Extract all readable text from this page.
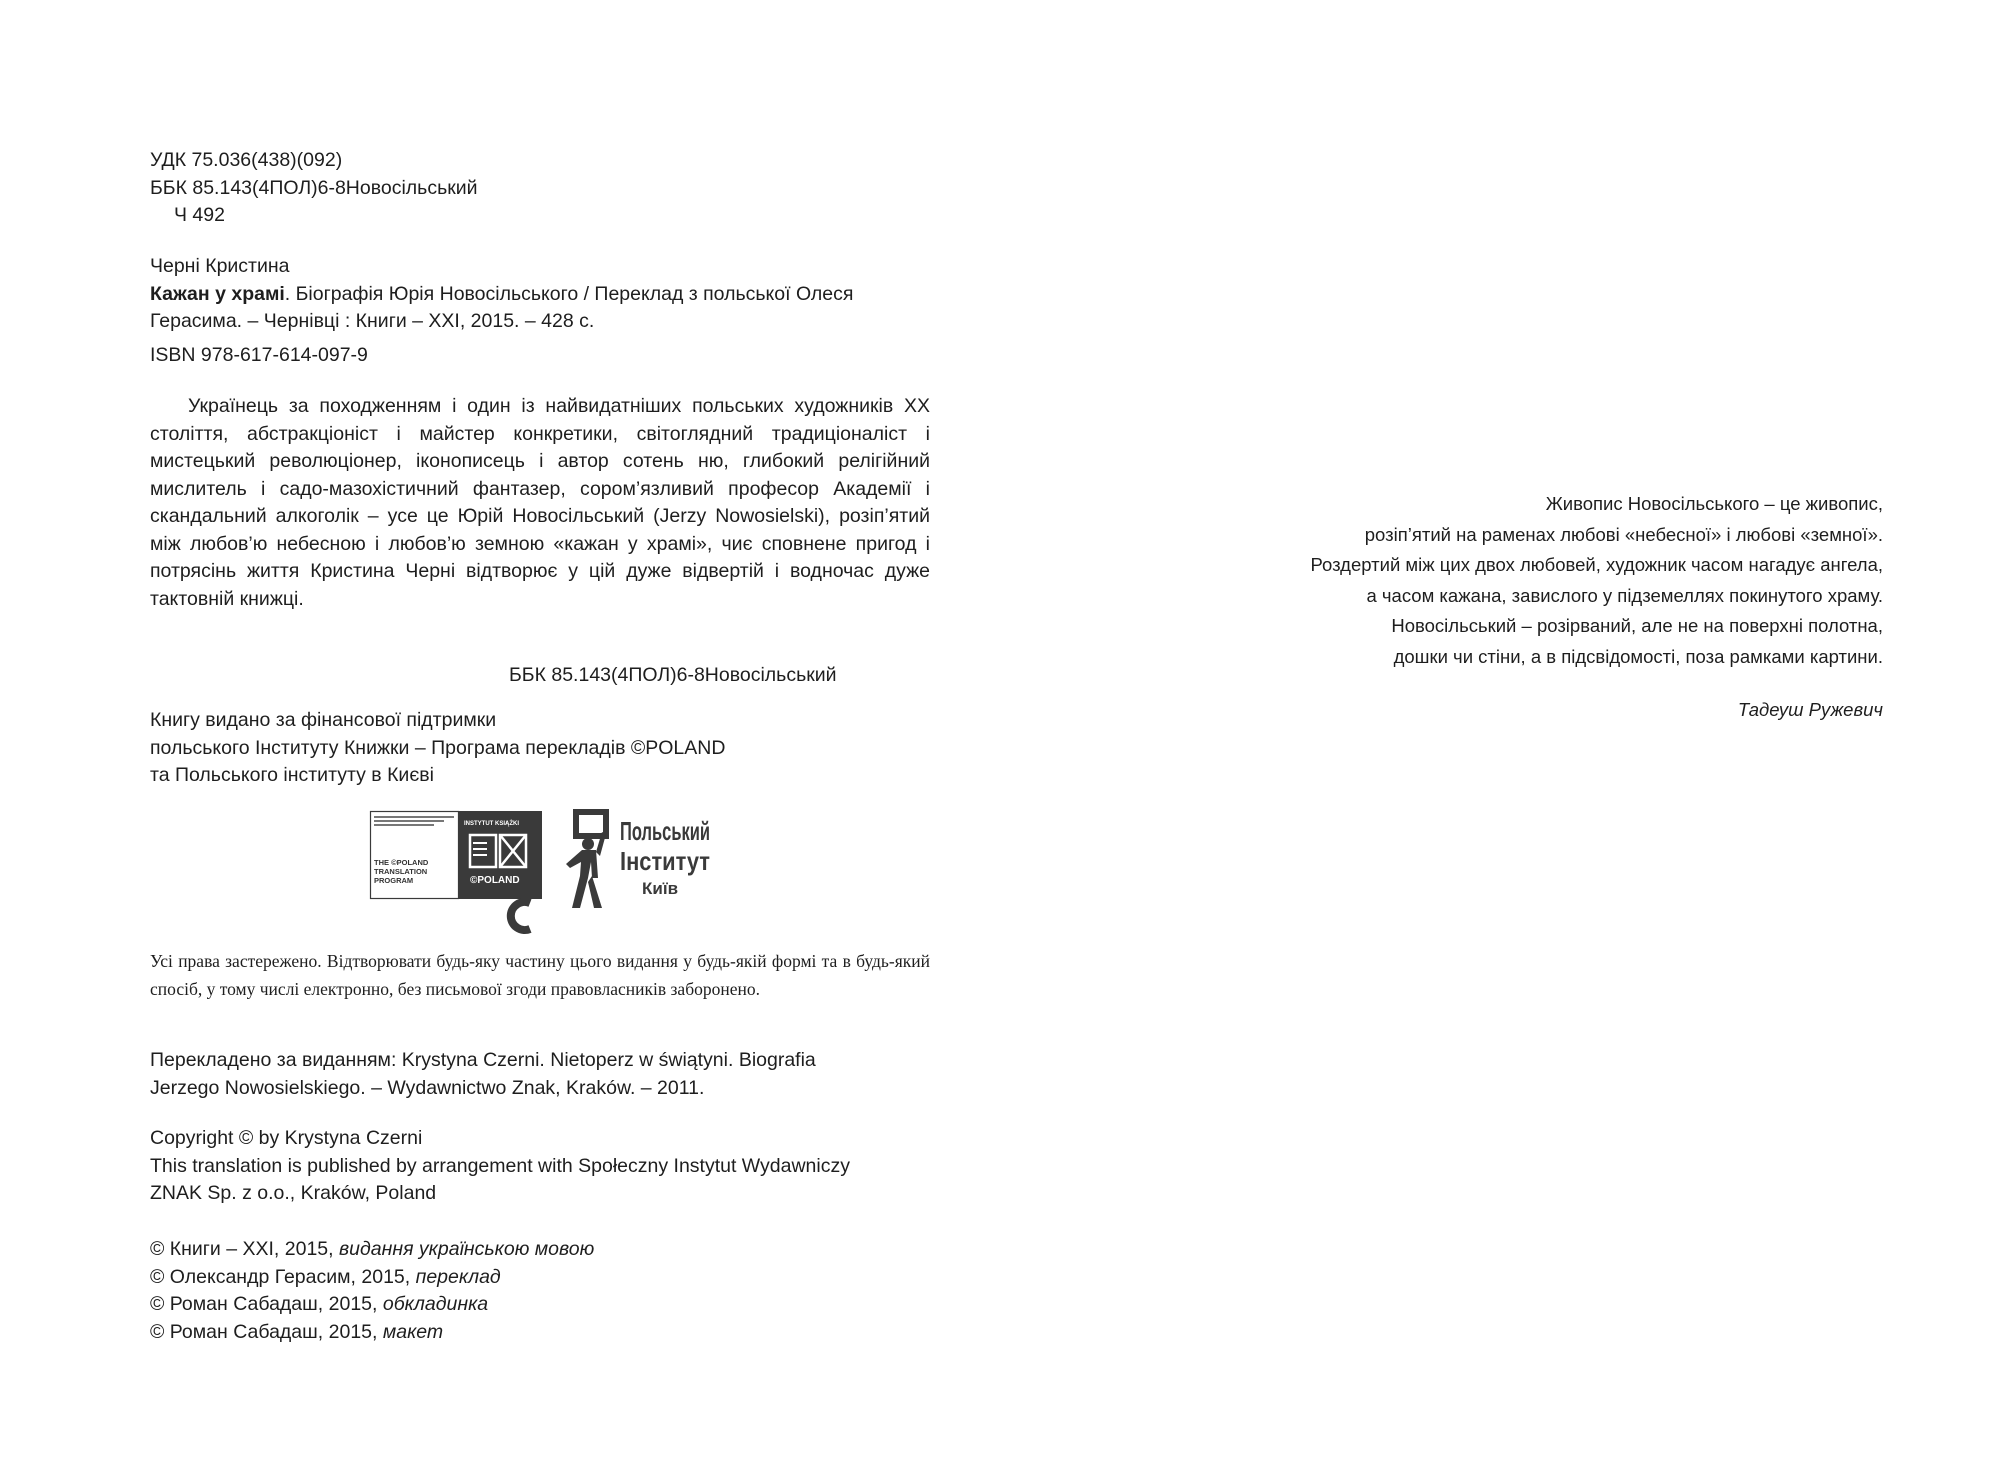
УДК 75.036(438)(092)
ББК 85.143(4ПОЛ)6-8Новосільський
Ч 492
Черні Кристина
Кажан у храмі. Біографія Юрія Новосільського / Переклад з польської Олеся Герасима. – Чернівці : Книги – XXI, 2015. – 428 с.
ISBN 978-617-614-097-9
Українець за походженням і один із найвидатніших польських художників XX століття, абстракціоніст і майстер конкретики, світоглядний традиціоналіст і мистецький революціонер, іконописець і автор сотень ню, глибокий релігійний мислитель і садо-мазохістичний фантазер, сором’язливий професор Академії і скандальний алкоголік – усе це Юрій Новосільський (Jerzy Nowosielski), розіп’ятий між любов’ю небесною і любов’ю земною «кажан у храмі», чиє сповнене пригод і потрясінь життя Кристина Черні відтворює у цій дуже відвертій і водночас дуже тактовній книжці.
ББК 85.143(4ПОЛ)6-8Новосільський
Книгу видано за фінансової підтримки
польського Інституту Книжки – Програма перекладів ©POLAND
та Польського інституту в Києві
THE ©POLAND
TRANSLATION
PROGRAM
INSTYTUT KSIĄŻKI
©POLAND
Польський
Інститут
Київ
Усі права застережено. Відтворювати будь-яку частину цього видання у будь-якій формі та в будь-який спосіб, у тому числі електронно, без письмової згоди правовласників заборонено.
Перекладено за виданням: Krystyna Czerni. Nietoperz w świątyni. Biografia
Jerzego Nowosielskiego. – Wydawnictwo Znak, Kraków. – 2011.
Copyright © by Krystyna Czerni
This translation is published by arrangement with Społeczny Instytut Wydawniczy
ZNAK Sp. z o.o., Kraków, Poland
© Книги – XXI, 2015, видання українською мовою
© Олександр Герасим, 2015, переклад
© Роман Сабадаш, 2015, обкладинка
© Роман Сабадаш, 2015, макет
Живопис Новосільського – це живопис,
розіп’ятий на раменах любові «небесної» і любові «земної».
Роздертий між цих двох любовей, художник часом нагадує ангела,
а часом кажана, завислого у підземеллях покинутого храму.
Новосільський – розірваний, але не на поверхні полотна,
дошки чи стіни, а в підсвідомості, поза рамками картини.
Тадеуш Ружевич
